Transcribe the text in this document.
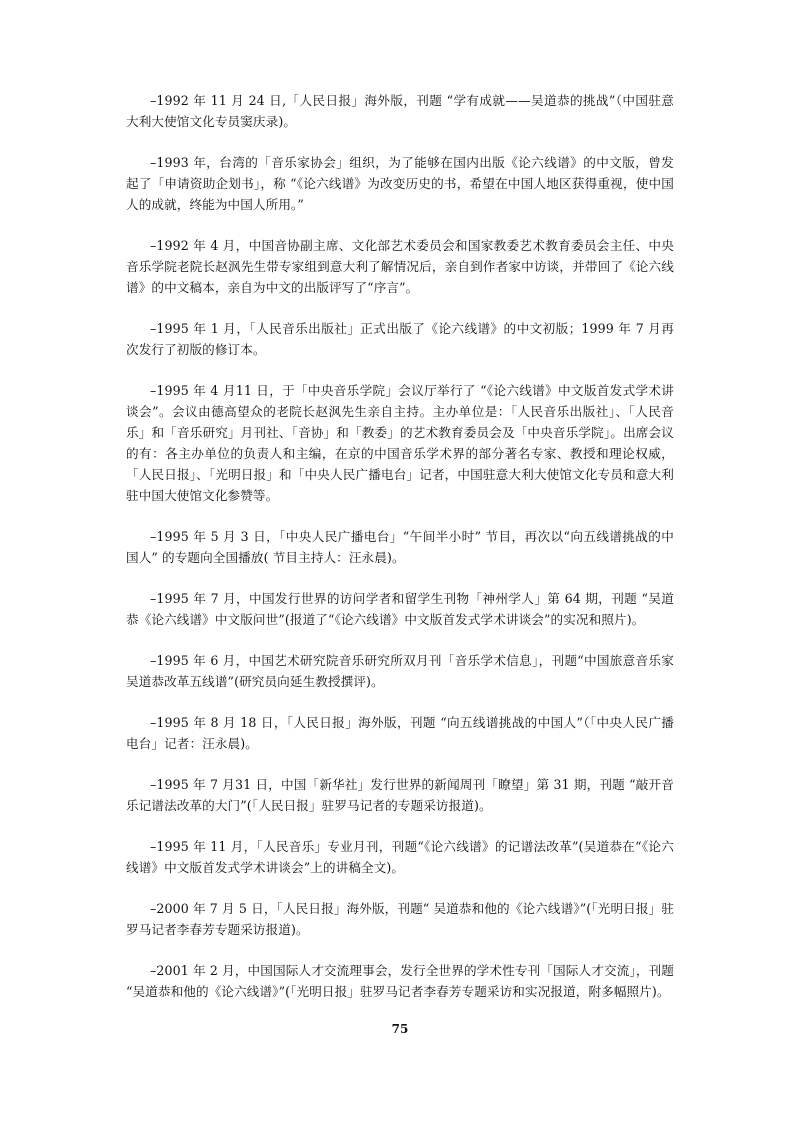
–1992 年 11 月 24 日,「人民日报」海外版，刊题 “学有成就——吴道恭的挑战”（中国驻意大利大使馆文化专员窦庆录)。

–1993 年，台湾的「音乐家协会」组织，为了能够在国内出版《论六线谱》的中文版，曾发起了「申请资助企划书」，称 “《论六线谱》为改变历史的书，希望在中国人地区获得重视，使中国人的成就，终能为中国人所用。”

–1992 年 4 月，中国音协副主席、文化部艺术委员会和国家教委艺术教育委员会主任、中央音乐学院老院长赵沨先生带专家组到意大利了解情况后，亲自到作者家中访谈，并带回了《论六线谱》的中文稿本，亲自为中文的出版评写了“序言”。

–1995 年 1 月，「人民音乐出版社」正式出版了《论六线谱》的中文初版；1999 年 7 月再次发行了初版的修订本。

–1995 年 4 月11 日，于「中央音乐学院」会议厅举行了 “《论六线谱》中文版首发式学术讲谈会”。会议由德高望众的老院长赵沨先生亲自主持。主办单位是：「人民音乐出版社」、「人民音乐」和「音乐研究」月刊社、「音协」和「教委」的艺术教育委员会及「中央音乐学院」。出席会议的有：各主办单位的负责人和主编，在京的中国音乐学术界的部分著名专家、教授和理论权威，「人民日报」、「光明日报」和「中央人民广播电台」记者，中国驻意大利大使馆文化专员和意大利驻中国大使馆文化参赞等。

–1995 年 5 月 3 日，「中央人民广播电台」“午间半小时” 节目，再次以“向五线谱挑战的中国人” 的专题向全国播放( 节目主持人：汪永晨)。

–1995 年 7 月，中国发行世界的访问学者和留学生刊物「神州学人」第 64 期，刊题 “吴道恭《论六线谱》中文版问世”(报道了“《论六线谱》中文版首发式学术讲谈会”的实况和照片)。

–1995 年 6 月，中国艺术研究院音乐研究所双月刊「音乐学术信息」，刊题“中国旅意音乐家吴道恭改革五线谱”(研究员向延生教授撰评)。

–1995 年 8 月 18 日，「人民日报」海外版，刊题 “向五线谱挑战的中国人”（「中央人民广播电台」记者：汪永晨)。

–1995 年 7 月31 日，中国「新华社」发行世界的新闻周刊「瞭望」第 31 期，刊题 “敲开音乐记谱法改革的大门”(「人民日报」驻罗马记者的专题采访报道)。

–1995 年 11 月，「人民音乐」专业月刊，刊题“《论六线谱》的记谱法改革”(吴道恭在“《论六线谱》中文版首发式学术讲谈会”上的讲稿全文)。

–2000 年 7 月 5 日，「人民日报」海外版，刊题“ 吴道恭和他的《论六线谱》”(「光明日报」驻罗马记者李春芳专题采访报道)。

–2001 年 2 月，中国国际人才交流理事会，发行全世界的学术性专刊「国际人才交流」，刊题 “吴道恭和他的《论六线谱》”(「光明日报」驻罗马记者李春芳专题采访和实况报道，附多幅照片)。

75
